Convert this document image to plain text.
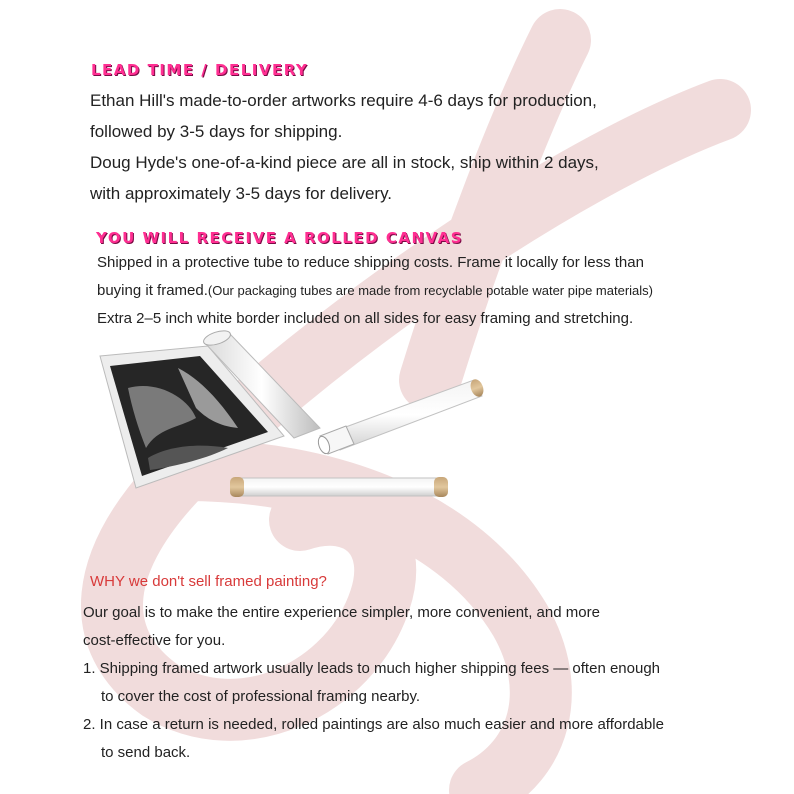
LEAD TIME / DELIVERY

Ethan Hill's made-to-order artworks require 4-6 days for production,

followed by 3-5 days for shipping.

Doug Hyde's one-of-a-kind piece are all in stock, ship within 2 days,

with approximately 3-5 days for delivery.

YOU WILL RECEIVE A ROLLED CANVAS

Shipped in a protective tube to reduce shipping costs. Frame it locally for less than

buying it framed.(Our packaging tubes are made from recyclable potable water pipe materials)

Extra 2–5 inch white border included on all sides for easy framing and stretching.

WHY we don't sell framed painting?

Our goal is to make the entire experience simpler, more convenient, and more

cost-effective for you.

1. Shipping framed artwork usually leads to much higher shipping fees — often enough

to cover the cost of professional framing nearby.

2. In case a return is needed, rolled paintings are also much easier and more affordable

to send back.
